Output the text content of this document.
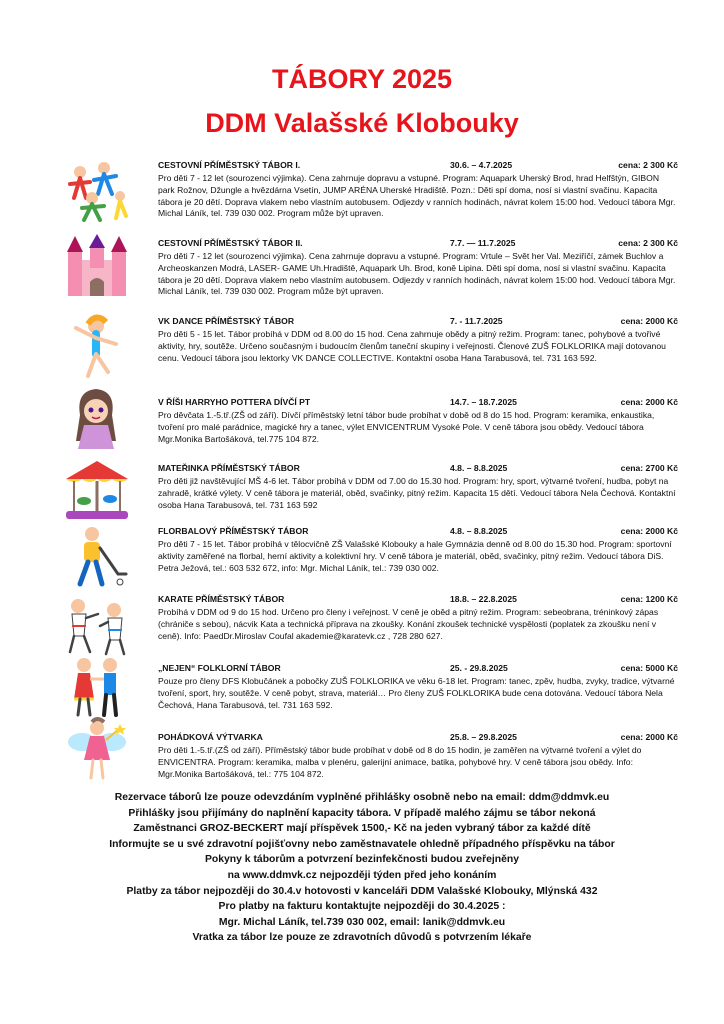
TÁBORY 2025
DDM Valašské Klobouky
CESTOVNÍ PŘÍMĚSTSKÝ TÁBOR I.	30.6. – 4.7.2025	cena: 2 300 Kč
Pro děti 7 - 12 let (sourozenci výjimka). Cena zahrnuje dopravu a vstupné. Program: Aquapark Uherský Brod, hrad Helfštýn, GIBON park Rožnov, Džungle a hvězdárna Vsetín, JUMP ARÉNA Uherské Hradiště. Pozn.: Děti spí doma, nosí si vlastní svačinu. Kapacita tábora je 20 dětí. Doprava vlakem nebo vlastním autobusem. Odjezdy v ranních hodinách, návrat kolem 15:00 hod. Vedoucí tábora Mgr. Michal Láník, tel. 739 030 002. Program může být upraven.
CESTOVNÍ PŘÍMĚSTSKÝ TÁBOR II.	7.7. — 11.7.2025	cena: 2 300 Kč
Pro děti 7 - 12 let (sourozenci výjimka). Cena zahrnuje dopravu a vstupné. Program: Vrtule – Svět her Val. Meziříčí, zámek Buchlov a Archeoskanzen Modrá, LASER- GAME Uh.Hradiště, Aquapark Uh. Brod, koně Lipina. Děti spí doma, nosí si vlastní svačinu. Kapacita tábora je 20 dětí. Doprava vlakem nebo vlastním autobusem. Odjezdy v ranních hodinách, návrat kolem 15:00 hod. Vedoucí tábora Mgr. Michal Láník, tel. 739 030 002. Program může být upraven.
VK DANCE PŘÍMĚSTSKÝ TÁBOR	7. - 11.7.2025	cena: 2000 Kč
Pro děti 5 - 15 let. Tábor probíhá v DDM od 8.00 do 15 hod. Cena zahrnuje obědy a pitný režim. Program: tanec, pohybové a tvořivé aktivity, hry, soutěže. Určeno současným i budoucím členům taneční skupiny i veřejnosti. Členové ZUŠ FOLKLORIKA mají dotovanou cenu. Vedoucí tábora jsou lektorky VK DANCE COLLECTIVE. Kontaktní osoba Hana Tarabusová, tel. 731 163 592.
V ŘÍŠI HARRYHO POTTERA DÍVČÍ PT	14.7. – 18.7.2025	cena: 2000 Kč
Pro děvčata 1.-5.tř.(ZŠ od září). Dívčí příměstský letní tábor bude probíhat v době od 8 do 15 hod. Program: keramika, enkaustika, tvoření pro malé parádnice, magické hry a tanec, výlet ENVICENTRUM Vysoké Pole. V ceně tábora jsou obědy. Vedoucí tábora Mgr.Monika Bartošáková, tel.775 104 872.
MATEŘINKA PŘÍMĚSTSKÝ TÁBOR	4.8. – 8.8.2025	cena: 2700 Kč
Pro děti již navštěvující MŠ 4-6 let. Tábor probíhá v DDM od 7.00 do 15.30 hod. Program: hry, sport, výtvarné tvoření, hudba, pobyt na zahradě, krátké výlety. V ceně tábora je materiál, oběd, svačinky, pitný režim. Kapacita 15 dětí. Vedoucí tábora Nela Čechová. Kontaktní osoba Hana Tarabusová, tel. 731 163 592
FLORBALOVÝ PŘÍMĚSTSKÝ TÁBOR	4.8. – 8.8.2025	cena: 2000 Kč
Pro děti 7 - 15 let. Tábor probíhá v tělocvičně ZŠ Valašské Klobouky a hale Gymnázia denně od 8.00 do 15.30 hod. Program: sportovní aktivity zaměřené na florbal, herní aktivity a kolektivní hry. V ceně tábora je materiál, oběd, svačinky, pitný režim. Vedoucí tábora DiS. Petra Ježová, tel.: 603 532 672, info: Mgr. Michal Láník, tel.: 739 030 002.
KARATE PŘÍMĚSTSKÝ TÁBOR	18.8. – 22.8.2025	cena: 1200 Kč
Probíhá v DDM od 9 do 15 hod. Určeno pro členy i veřejnost. V ceně je oběd a pitný režim. Program: sebeobrana, tréninkový zápas (chrániče s sebou), nácvik Kata a technická příprava na zkoušky. Konání zkoušek technické vyspělosti (poplatek za zkoušku není v ceně). Info: PaedDr.Miroslav Coufal akademie@karatevk.cz , 728 280 627.
„NEJEN“ FOLKLORNÍ TÁBOR	25. - 29.8.2025	cena: 5000 Kč
Pouze pro členy DFS Klobučánek a pobočky ZUŠ FOLKLORIKA ve věku 6-18 let. Program: tanec, zpěv, hudba, zvyky, tradice, výtvarné tvoření, sport, hry, soutěže. V ceně pobyt, strava, materiál… Pro členy ZUŠ FOLKLORIKA bude cena dotována. Vedoucí tábora Nela Čechová, Hana Tarabusová, tel. 731 163 592.
POHÁDKOVÁ VÝTVARKA	25.8. – 29.8.2025	cena: 2000 Kč
Pro děti 1.-5.tř.(ZŠ od září). Příměstský tábor bude probíhat v době od 8 do 15 hodin, je zaměřen na výtvarné tvoření a výlet do ENVICENTRA. Program: keramika, malba v plenéru, galerijní animace, batika, pohybové hry. V ceně tábora jsou obědy. Info: Mgr.Monika Bartošáková, tel.: 775 104 872.
Rezervace táborů lze pouze odevzdáním vyplněné přihlášky osobně nebo na email: ddm@ddmvk.eu
Přihlášky jsou přijímány do naplnění kapacity tábora. V případě malého zájmu se tábor nekoná
Zaměstnanci GROZ-BECKERT mají příspěvek 1500,- Kč na jeden vybraný tábor za každé dítě
Informujte se u své zdravotní pojišťovny nebo zaměstnavatele ohledně případného příspěvku na tábor
Pokyny k táborům a potvrzení bezinfekčnosti budou zveřejněny
na www.ddmvk.cz nejpozději týden před jeho konáním
Platby za tábor nejpozději do 30.4.v hotovosti v kanceláři DDM Valašské Klobouky, Mlýnská 432
Pro platby na fakturu kontaktujte nejpozději do 30.4.2025 :
Mgr. Michal Láník, tel.739 030 002, email: lanik@ddmvk.eu
Vratka za tábor lze pouze ze zdravotních důvodů s potvrzením lékaře
